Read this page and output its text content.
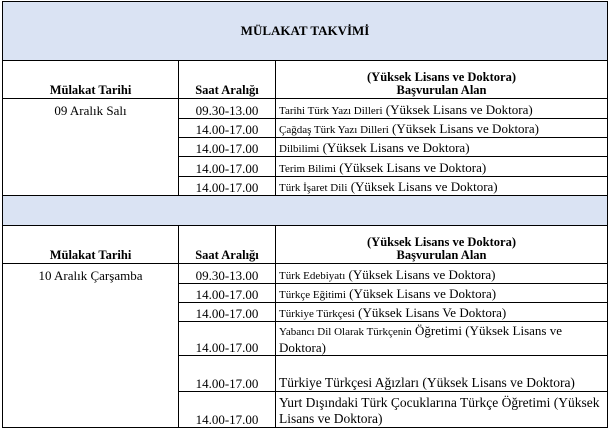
MÜLAKAT TAKVİMİ		
Mülakat Tarihi	Saat Aralığı	(Yüksek Lisans ve Doktora)
Başvurulan Alan
09 Aralık Salı	09.30-13.00	Tarihi Türk Yazı Dilleri (Yüksek Lisans ve Doktora)
	14.00-17.00	Çağdaş Türk Yazı Dilleri (Yüksek Lisans ve Doktora)
	14.00-17.00	Dilbilimi (Yüksek Lisans ve Doktora)
	14.00-17.00	Terim Bilimi (Yüksek Lisans ve Doktora)
	14.00-17.00	Türk İşaret Dili (Yüksek Lisans ve Doktora)

Mülakat Tarihi	Saat Aralığı	(Yüksek Lisans ve Doktora)
Başvurulan Alan
10 Aralık Çarşamba	09.30-13.00	Türk Edebiyatı (Yüksek Lisans ve Doktora)
	14.00-17.00	Türkçe Eğitimi (Yüksek Lisans ve Doktora)
	14.00-17.00	Türkiye Türkçesi (Yüksek Lisans Ve Doktora)
	14.00-17.00	Yabancı Dil Olarak Türkçenin Öğretimi (Yüksek Lisans ve Doktora)
	14.00-17.00	Türkiye Türkçesi Ağızları (Yüksek Lisans ve Doktora)
	14.00-17.00	Yurt Dışındaki Türk Çocuklarına Türkçe Öğretimi (Yüksek Lisans ve Doktora)
